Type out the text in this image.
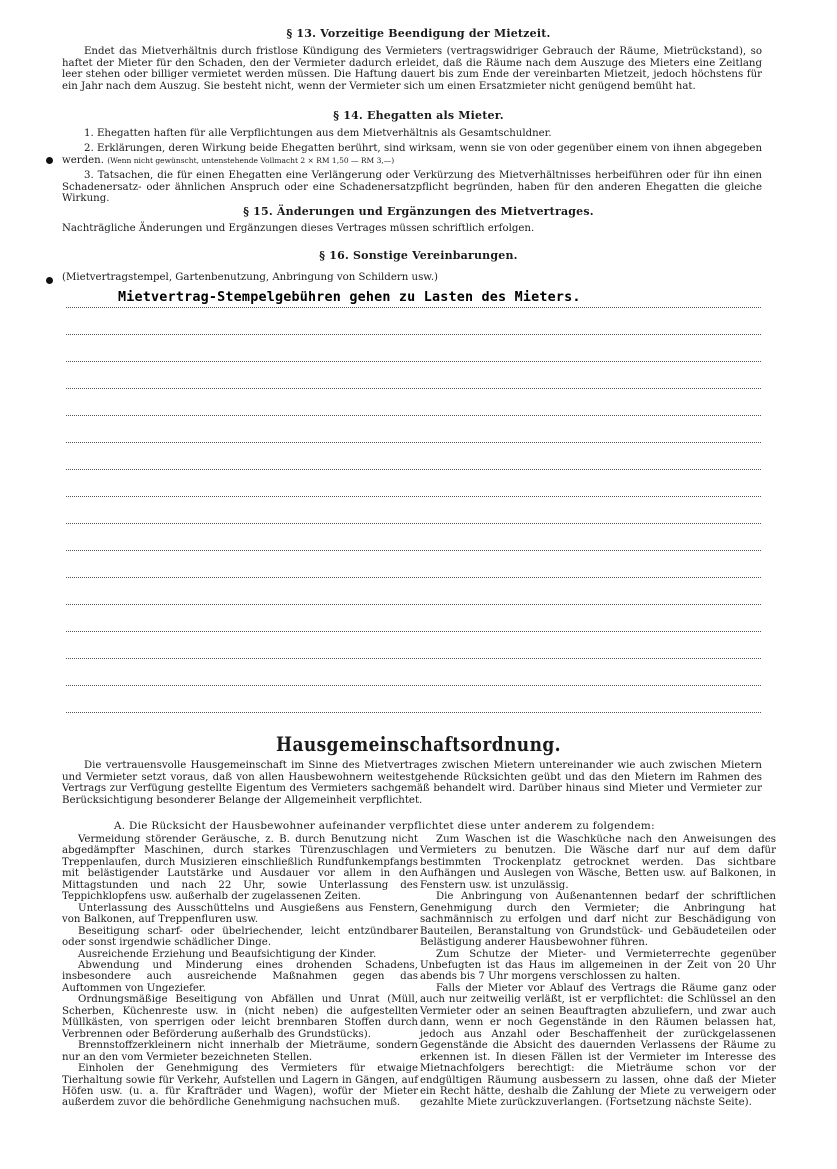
§ 13. Vorzeitige Beendigung der Mietzeit.

Endet das Mietverhältnis durch fristlose Kündigung des Vermieters (vertragswidriger Gebrauch der Räume, Mietrückstand), so haftet der Mieter für den Schaden, den der Vermieter dadurch erleidet, daß die Räume nach dem Auszuge des Mieters eine Zeitlang leer stehen oder billiger vermietet werden müssen. Die Haftung dauert bis zum Ende der vereinbarten Mietzeit, jedoch höchstens für ein Jahr nach dem Auszug. Sie besteht nicht, wenn der Vermieter sich um einen Ersatzmieter nicht genügend bemüht hat.

§ 14. Ehegatten als Mieter.

1. Ehegatten haften für alle Verpflichtungen aus dem Mietverhältnis als Gesamtschuldner.

2. Erklärungen, deren Wirkung beide Ehegatten berührt, sind wirksam, wenn sie von oder gegenüber einem von ihnen abgegeben werden. (Wenn nicht gewünscht, untenstehende Vollmacht 2 × RM 1,50 — RM 3,—)

3. Tatsachen, die für einen Ehegatten eine Verlängerung oder Verkürzung des Mietverhältnisses herbeiführen oder für ihn einen Schadenersatz- oder ähnlichen Anspruch oder eine Schadenersatzpflicht begründen, haben für den anderen Ehegatten die gleiche Wirkung.

§ 15. Änderungen und Ergänzungen des Mietvertrages.

Nachträgliche Änderungen und Ergänzungen dieses Vertrages müssen schriftlich erfolgen.

§ 16. Sonstige Vereinbarungen.

(Mietvertragstempel, Gartenbenutzung, Anbringung von Schildern usw.)

Mietvertrag-Stempelgebühren gehen zu Lasten des Mieters.
Hausgemeinschaftsordnung.

Die vertrauensvolle Hausgemeinschaft im Sinne des Mietvertrages zwischen Mietern untereinander wie auch zwischen Mietern und Vermieter setzt voraus, daß von allen Hausbewohnern weitestgehende Rücksichten geübt und das den Mietern im Rahmen des Vertrags zur Verfügung gestellte Eigentum des Vermieters sachgemäß behandelt wird. Darüber hinaus sind Mieter und Vermieter zur Berücksichtigung besonderer Belange der Allgemeinheit verpflichtet.

A. Die Rücksicht der Hausbewohner aufeinander verpflichtet diese unter anderem zu folgendem:

Vermeidung störender Geräusche, z. B. durch Benutzung nicht abgedämpfter Maschinen, durch starkes Türenzuschlagen und Treppenlaufen, durch Musizieren einschließlich Rundfunkempfangs mit belästigender Lautstärke und Ausdauer vor allem in den Mittagstunden und nach 22 Uhr, sowie Unterlassung des Teppichklopfens usw. außerhalb der zugelassenen Zeiten.

Unterlassung des Ausschüttelns und Ausgießens aus Fenstern, von Balkonen, auf Treppenfluren usw.

Beseitigung scharf- oder übelriechender, leicht entzündbarer oder sonst irgendwie schädlicher Dinge.

Ausreichende Erziehung und Beaufsichtigung der Kinder.

Abwendung und Minderung eines drohenden Schadens, insbesondere auch ausreichende Maßnahmen gegen das Auftommen von Ungeziefer.

Ordnungsmäßige Beseitigung von Abfällen und Unrat (Müll, Scherben, Küchenreste usw. in (nicht neben) die aufgestellten Müllkästen, von sperrigen oder leicht brennbaren Stoffen durch Verbrennen oder Beförderung außerhalb des Grundstücks).

Brennstoffzerkleinern nicht innerhalb der Mieträume, sondern nur an den vom Vermieter bezeichneten Stellen.

Einholen der Genehmigung des Vermieters für etwaige Tierhaltung sowie für Verkehr, Aufstellen und Lagern in Gängen, auf Höfen usw. (u. a. für Krafträder und Wagen), wofür der Mieter außerdem zuvor die behördliche Genehmigung nachsuchen muß.

Zum Waschen ist die Waschküche nach den Anweisungen des Vermieters zu benutzen. Die Wäsche darf nur auf dem dafür bestimmten Trockenplatz getrocknet werden. Das sichtbare Aufhängen und Auslegen von Wäsche, Betten usw. auf Balkonen, in Fenstern usw. ist unzulässig.

Die Anbringung von Außenantennen bedarf der schriftlichen Genehmigung durch den Vermieter; die Anbringung hat sachmännisch zu erfolgen und darf nicht zur Beschädigung von Bauteilen, Beranstaltung von Grundstück- und Gebäudeteilen oder Belästigung anderer Hausbewohner führen.

Zum Schutze der Mieter- und Vermieterrechte gegenüber Unbefugten ist das Haus im allgemeinen in der Zeit von 20 Uhr abends bis 7 Uhr morgens verschlossen zu halten.

Falls der Mieter vor Ablauf des Vertrags die Räume ganz oder auch nur zeitweilig verläßt, ist er verpflichtet: die Schlüssel an den Vermieter oder an seinen Beauftragten abzuliefern, und zwar auch dann, wenn er noch Gegenstände in den Räumen belassen hat, jedoch aus Anzahl oder Beschaffenheit der zurückgelassenen Gegenstände die Absicht des dauernden Verlassens der Räume zu erkennen ist. In diesen Fällen ist der Vermieter im Interesse des Mietnachfolgers berechtigt: die Mieträume schon vor der endgültigen Räumung ausbessern zu lassen, ohne daß der Mieter ein Recht hätte, deshalb die Zahlung der Miete zu verweigern oder gezahlte Miete zurückzuverlangen. (Fortsetzung nächste Seite).
